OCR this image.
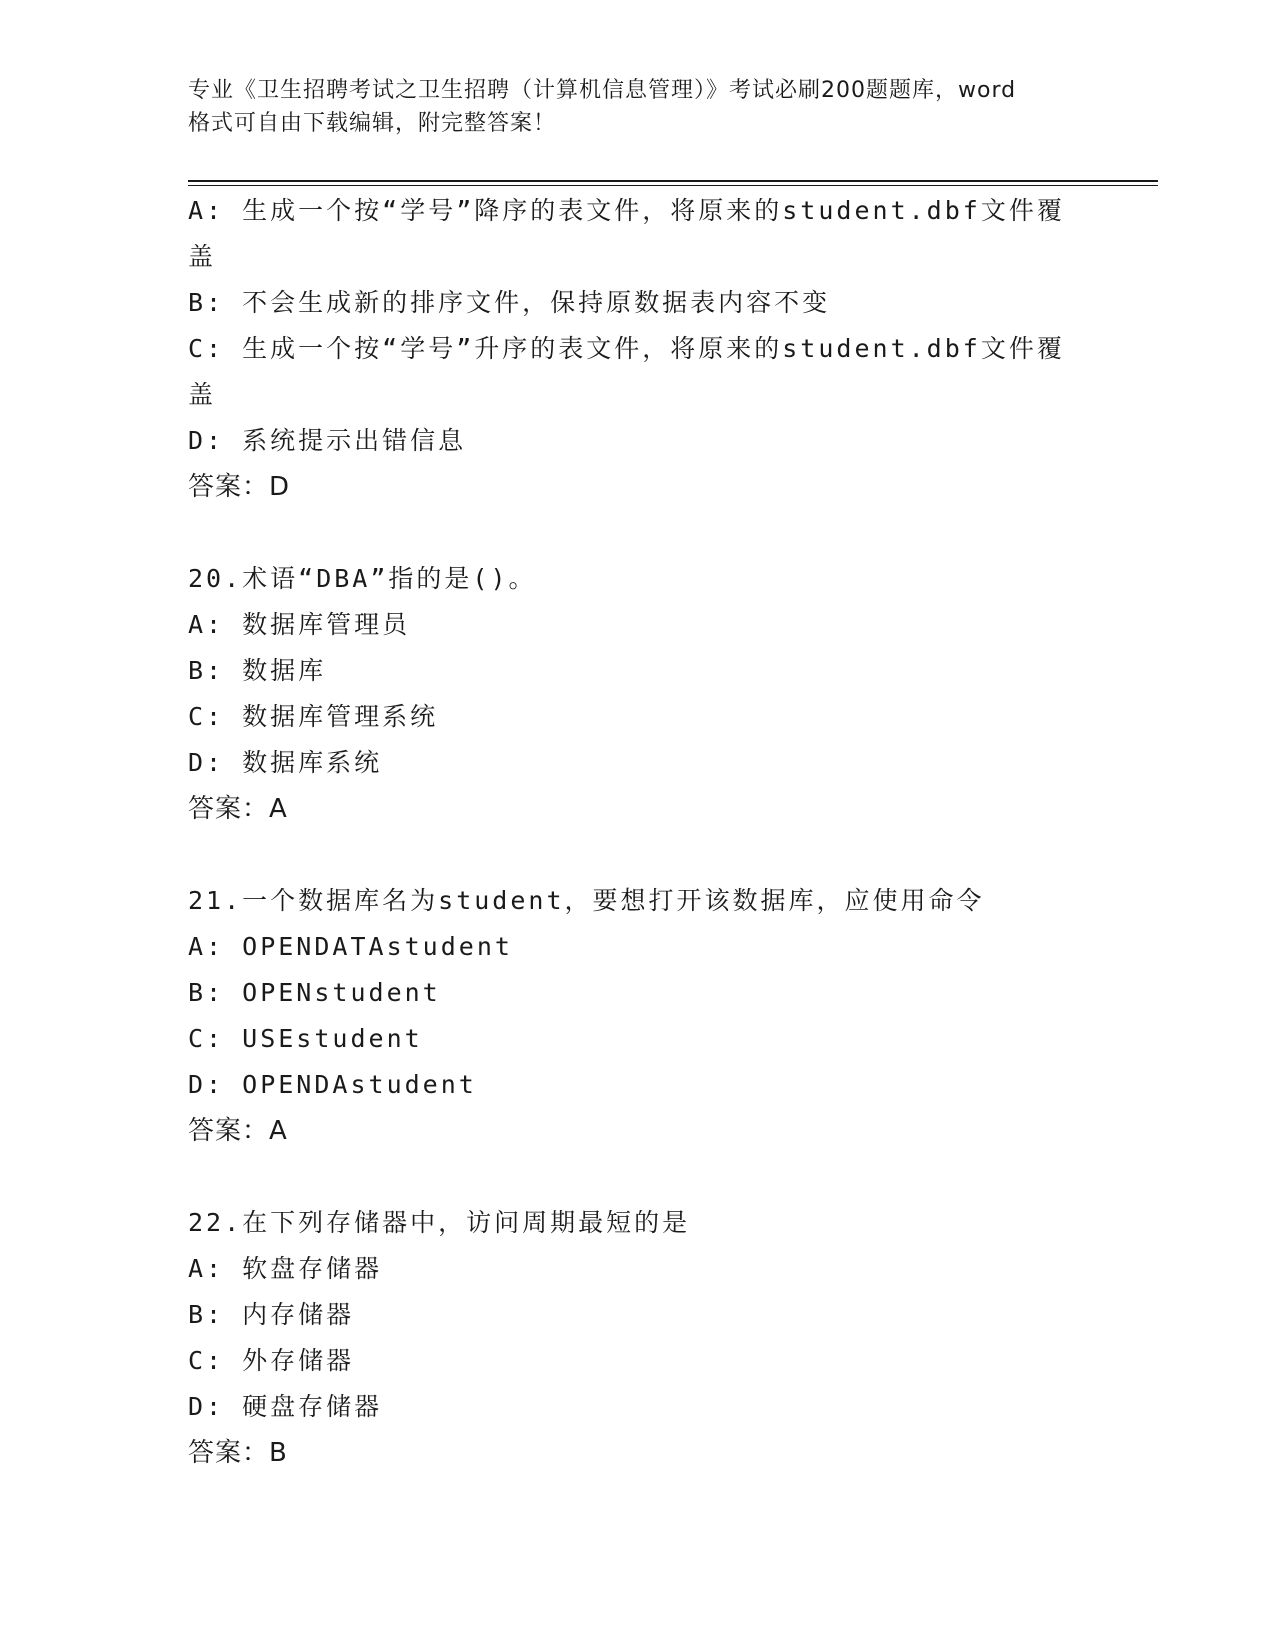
专业《卫生招聘考试之卫生招聘（计算机信息管理）》考试必刷200题题库，word
格式可自由下载编辑，附完整答案！
A: 生成一个按“学号”降序的表文件，将原来的student.dbf文件覆
盖
B: 不会生成新的排序文件，保持原数据表内容不变
C: 生成一个按“学号”升序的表文件，将原来的student.dbf文件覆
盖
D: 系统提示出错信息
答案：D
20.术语“DBA”指的是()。
A: 数据库管理员
B: 数据库
C: 数据库管理系统
D: 数据库系统
答案：A
21.一个数据库名为student，要想打开该数据库，应使用命令
A: OPENDATAstudent
B: OPENstudent
C: USEstudent
D: OPENDAstudent
答案：A
22.在下列存储器中，访问周期最短的是
A: 软盘存储器
B: 内存储器
C: 外存储器
D: 硬盘存储器
答案：B
